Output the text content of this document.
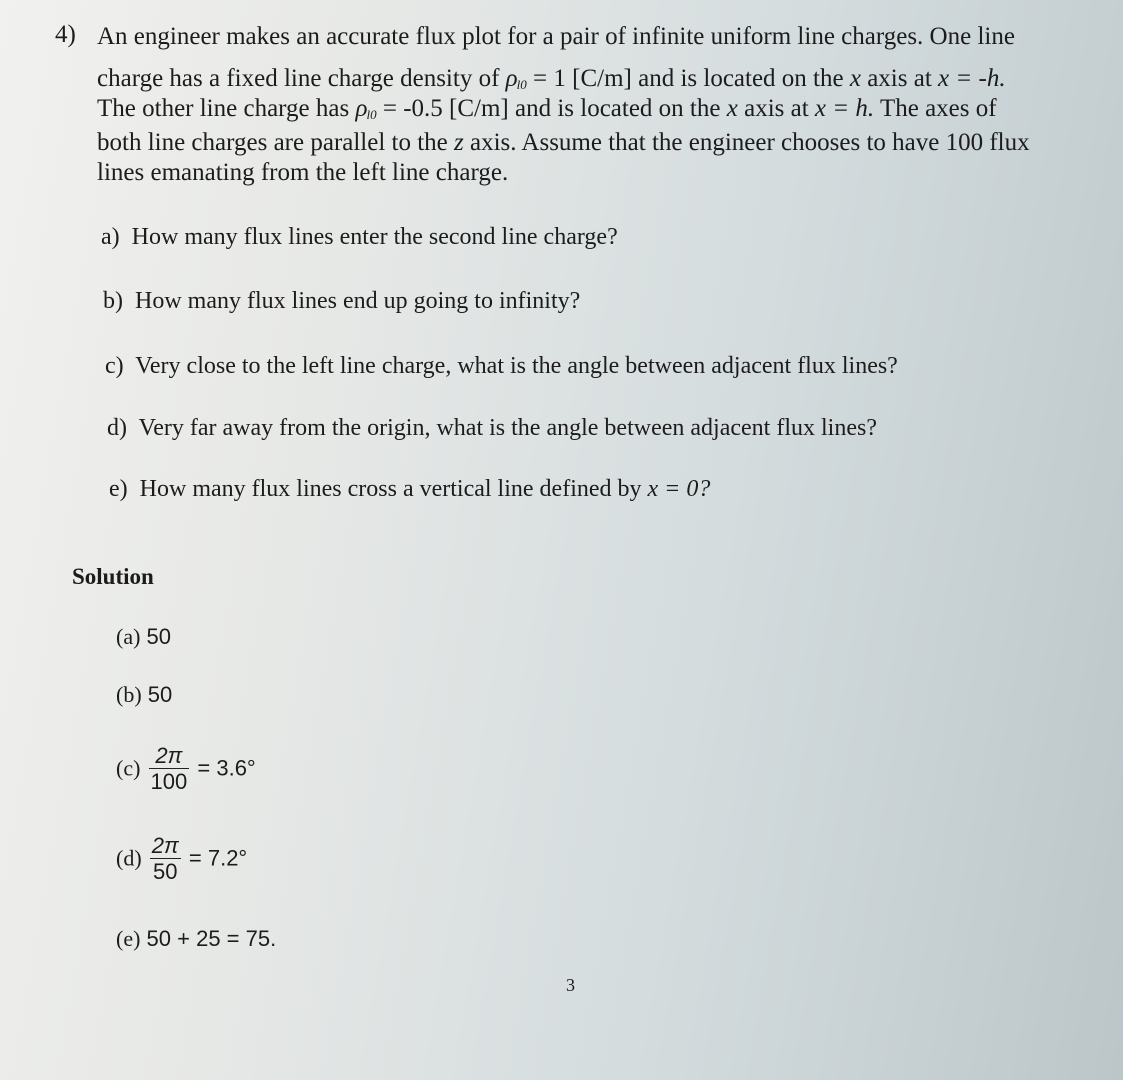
4) An engineer makes an accurate flux plot for a pair of infinite uniform line charges. One line
charge has a fixed line charge density of $\rho_{l0} = 1$ [C/m] and is located on the x axis at x = -h.
The other line charge has $\rho_{l0} = -0.5$ [C/m] and is located on the x axis at x = h. The axes of
both line charges are parallel to the z axis. Assume that the engineer chooses to have 100 flux
lines emanating from the left line charge.
a) How many flux lines enter the second line charge?
b) How many flux lines end up going to infinity?
c) Very close to the left line charge, what is the angle between adjacent flux lines?
d) Very far away from the origin, what is the angle between adjacent flux lines?
e) How many flux lines cross a vertical line defined by x = 0?
Solution
(a) 50
(b) 50
$(c) \frac{2\pi}{100} = 3.6^\circ$
$(d) \frac{2\pi}{50} = 7.2^\circ$
(e) 50 + 25 = 75.
3
